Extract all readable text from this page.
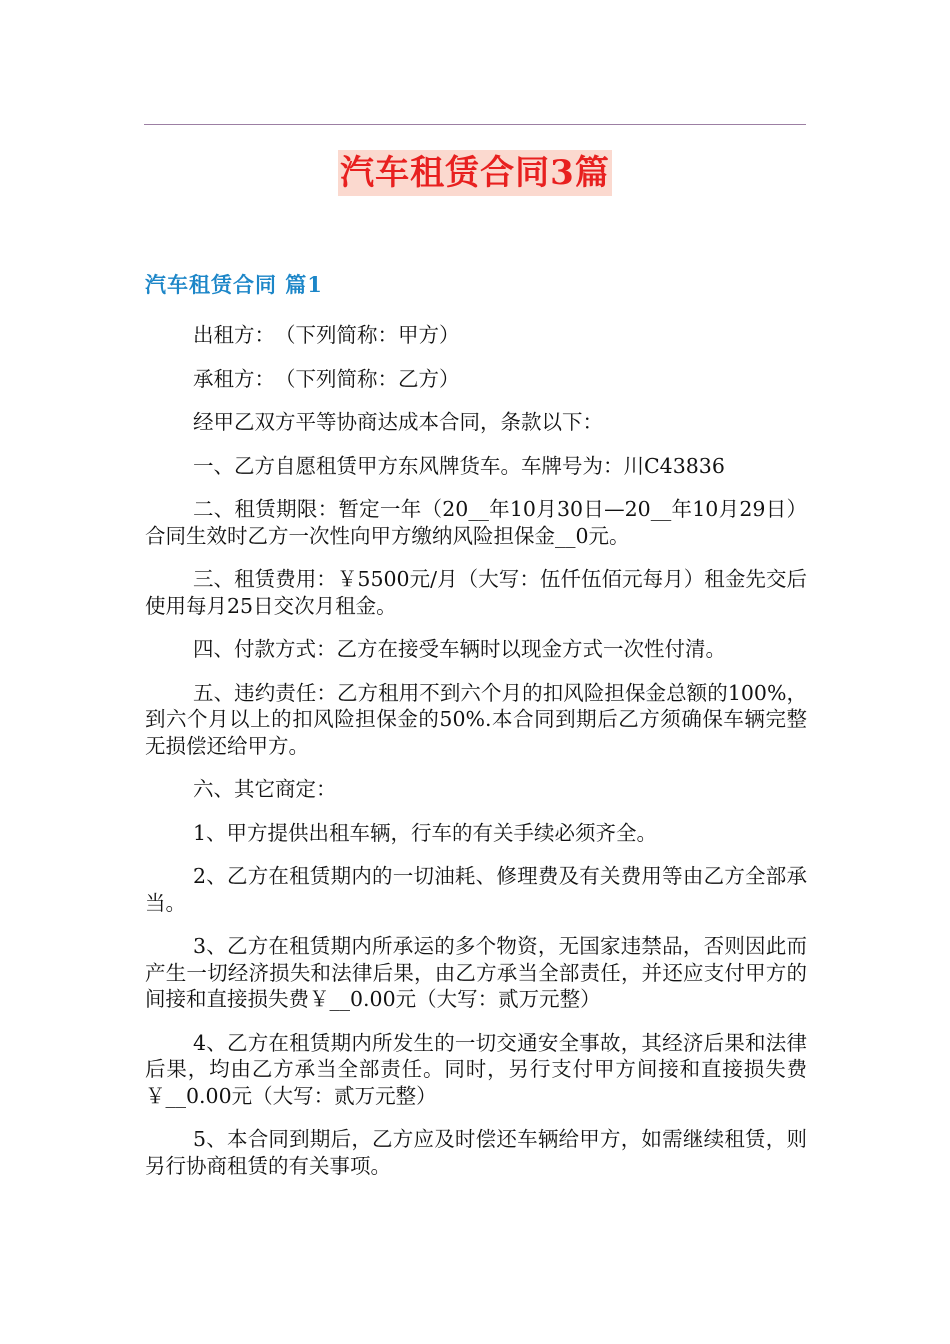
汽车租赁合同3篇
汽车租赁合同 篇1

出租方：　（下列简称：甲方）

承租方：　（下列简称：乙方）

经甲乙双方平等协商达成本合同，条款以下：

一、乙方自愿租赁甲方东风牌货车。车牌号为：川C43836

二、租赁期限：暂定一年（20__年10月30日—20__年10月29日）合同生效时乙方一次性向甲方缴纳风险担保金__0元。

三、租赁费用：￥5500元/月（大写：伍仟伍佰元每月）租金先交后使用每月25日交次月租金。

四、付款方式：乙方在接受车辆时以现金方式一次性付清。

五、违约责任：乙方租用不到六个月的扣风险担保金总额的100%，到六个月以上的扣风险担保金的50%.本合同到期后乙方须确保车辆完整无损偿还给甲方。

六、其它商定：

1、甲方提供出租车辆，行车的有关手续必须齐全。

2、乙方在租赁期内的一切油耗、修理费及有关费用等由乙方全部承当。

3、乙方在租赁期内所承运的多个物资，无国家违禁品，否则因此而产生一切经济损失和法律后果，由乙方承当全部责任，并还应支付甲方的间接和直接损失费￥__0.00元（大写：贰万元整）

4、乙方在租赁期内所发生的一切交通安全事故，其经济后果和法律后果，均由乙方承当全部责任。同时，另行支付甲方间接和直接损失费￥__0.00元（大写：贰万元整）

5、本合同到期后，乙方应及时偿还车辆给甲方，如需继续租赁，则另行协商租赁的有关事项。
